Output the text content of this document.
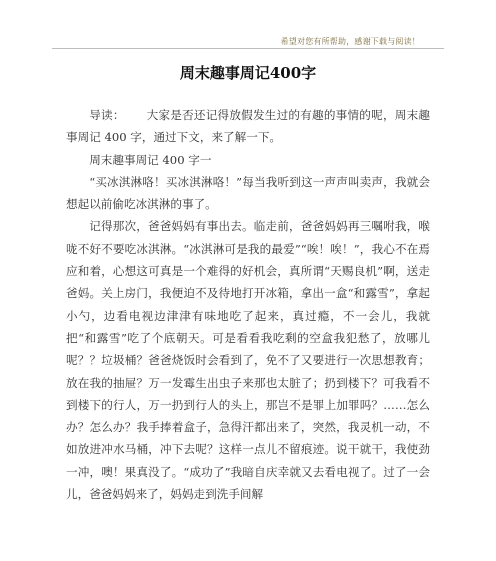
希望对您有所帮助，感谢下载与阅读！
周末趣事周记400字

导读： 大家是否还记得放假发生过的有趣的事情的呢，周末趣事周记 400 字，通过下文，来了解一下。

周末趣事周记 400 字一

“买冰淇淋咯！买冰淇淋咯！”每当我听到这一声声叫卖声，我就会想起以前偷吃冰淇淋的事了。

记得那次，爸爸妈妈有事出去。临走前，爸爸妈妈再三嘱咐我，喉咙不好不要吃冰淇淋。“冰淇淋可是我的最爱”“唉！唉！”，我心不在焉应和着，心想这可真是一个难得的好机会，真所谓“天赐良机”啊，送走爸妈。关上房门，我便迫不及待地打开冰箱，拿出一盒“和露雪”，拿起小勺，边看电视边津津有味地吃了起来，真过瘾，不一会儿，我就把“和露雪”吃了个底朝天。可是看看我吃剩的空盒我犯愁了，放哪儿呢？？垃圾桶？爸爸烧饭时会看到了，免不了又要进行一次思想教育；放在我的抽屉？万一发霉生出虫子来那也太脏了；扔到楼下？可我看不到楼下的行人，万一扔到行人的头上，那岂不是罪上加罪吗？……怎么办？怎么办？我手捧着盒子，急得汗都出来了，突然，我灵机一动，不如放进冲水马桶，冲下去呢？这样一点儿不留痕迹。说干就干，我使劲一冲，噢！果真没了。“成功了”我暗自庆幸就又去看电视了。过了一会儿，爸爸妈妈来了，妈妈走到洗手间解
